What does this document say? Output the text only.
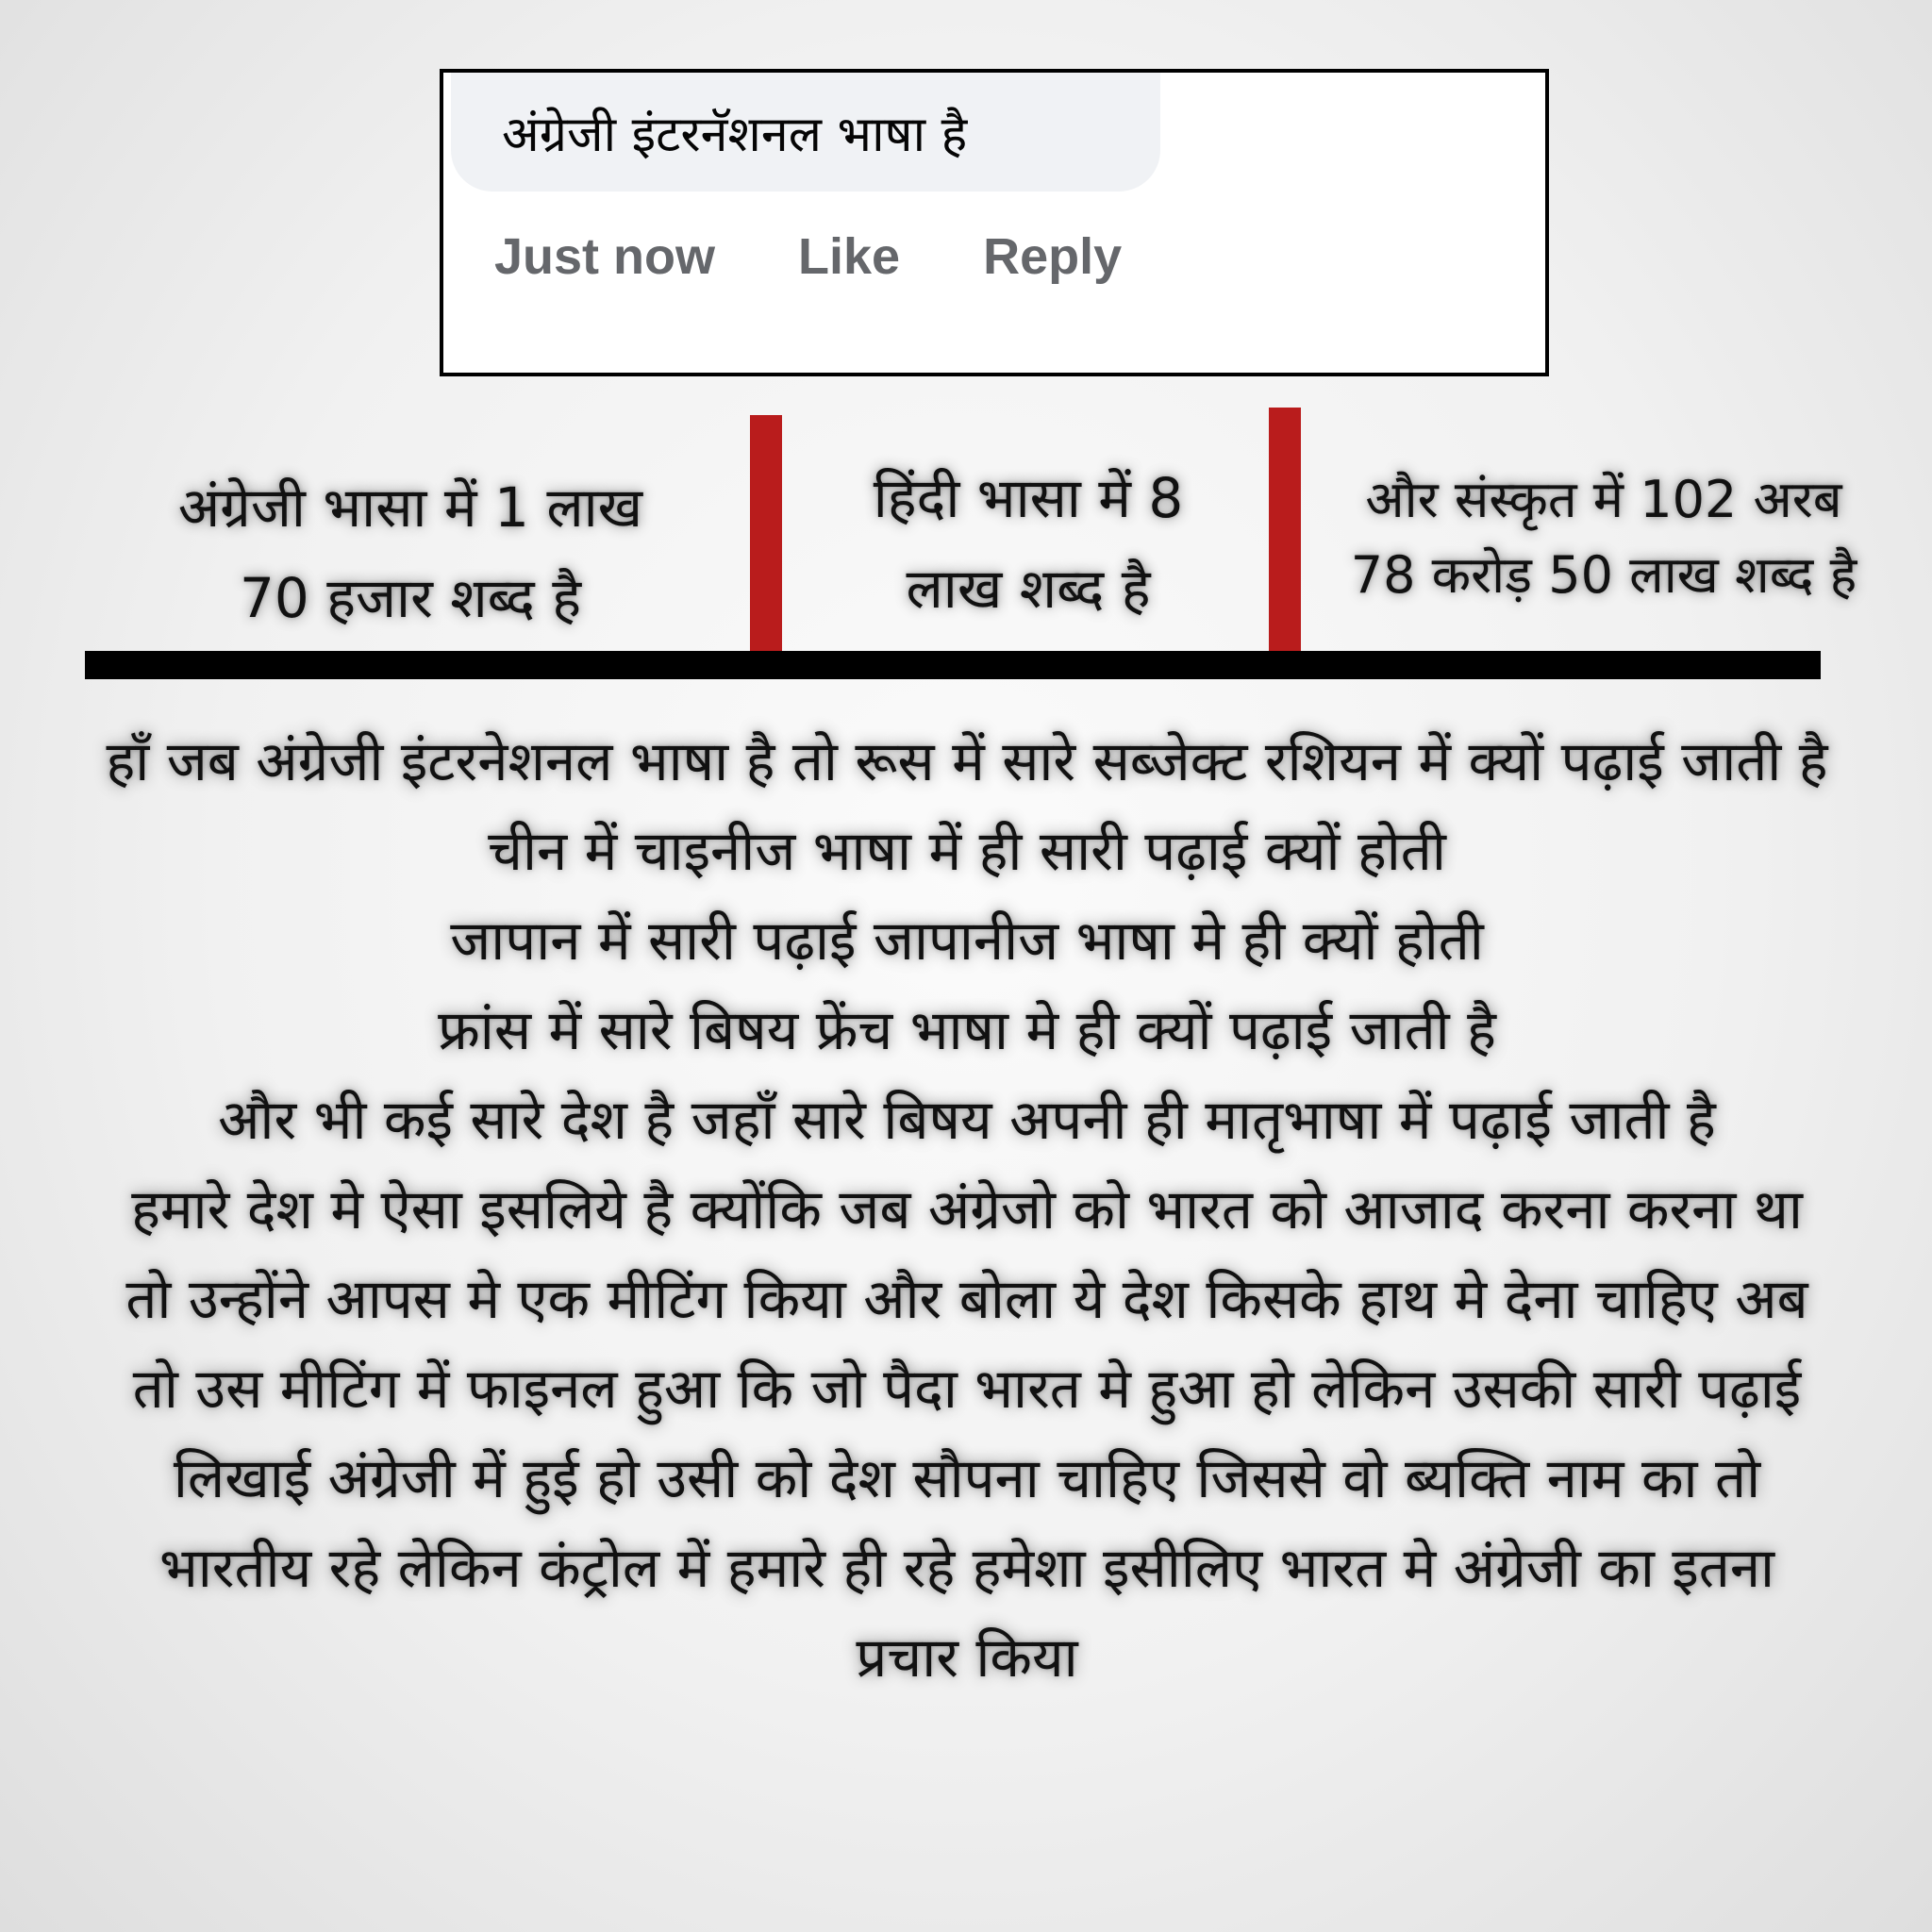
अंग्रेजी इंटरनॅशनल भाषा है
Just now Like Reply
अंग्रेजी भासा में 1 लाख
70 हजार शब्द है
हिंदी भासा में 8
लाख शब्द है
और संस्कृत में 102 अरब
78 करोड़ 50 लाख शब्द है
हाँ जब अंग्रेजी इंटरनेशनल भाषा है तो रूस में सारे सब्जेक्ट रशियन में क्यों पढ़ाई जाती है
चीन में चाइनीज भाषा में ही सारी पढ़ाई क्यों होती
जापान में सारी पढ़ाई जापानीज भाषा मे ही क्यों होती
फ्रांस में सारे बिषय फ्रेंच भाषा मे ही क्यों पढ़ाई जाती है
और भी कई सारे देश है जहाँ सारे बिषय अपनी ही मातृभाषा में पढ़ाई जाती है
हमारे देश मे ऐसा इसलिये है क्योंकि जब अंग्रेजो को भारत को आजाद करना करना था तो उन्होंने आपस मे एक मीटिंग किया और बोला ये देश किसके हाथ मे देना चाहिए अब तो उस मीटिंग में फाइनल हुआ कि जो पैदा भारत मे हुआ हो लेकिन उसकी सारी पढ़ाई लिखाई अंग्रेजी में हुई हो उसी को देश सौपना चाहिए जिससे वो ब्यक्ति नाम का तो भारतीय रहे लेकिन कंट्रोल में हमारे ही रहे हमेशा इसीलिए भारत मे अंग्रेजी का इतना प्रचार किया
